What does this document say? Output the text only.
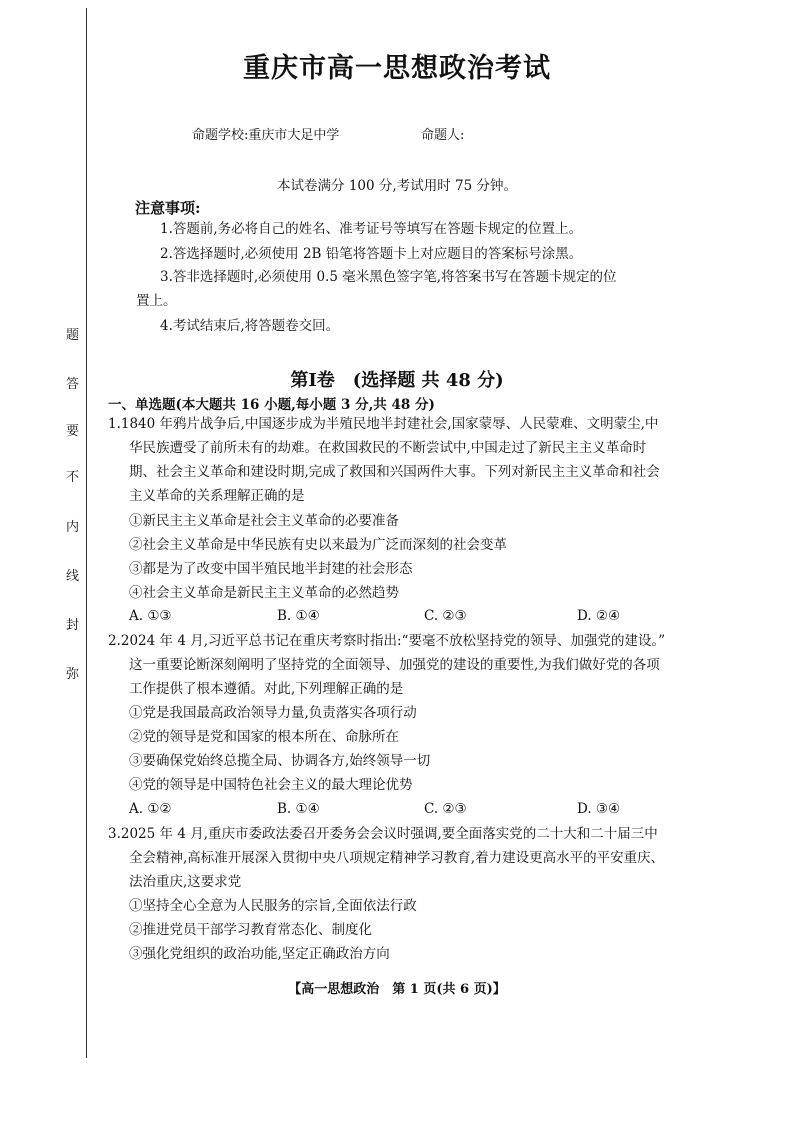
弥
封
线
内
不
要
答
题
重庆市高一思想政治考试
命题学校:重庆市大足中学	命题人:
本试卷满分 100 分,考试用时 75 分钟。
注意事项:
1.答题前,务必将自己的姓名、准考证号等填写在答题卡规定的位置上。
2.答选择题时,必须使用 2B 铅笔将答题卡上对应题目的答案标号涂黑。
3.答非选择题时,必须使用 0.5 毫米黑色签字笔,将答案书写在答题卡规定的位
置上。
4.考试结束后,将答题卷交回。
第Ⅰ卷　(选择题 共 48 分)
一、单选题(本大题共 16 小题,每小题 3 分,共 48 分)
1.1840 年鸦片战争后,中国逐步成为半殖民地半封建社会,国家蒙辱、人民蒙难、文明蒙尘,中
华民族遭受了前所未有的劫难。在救国救民的不断尝试中,中国走过了新民主主义革命时
期、社会主义革命和建设时期,完成了救国和兴国两件大事。下列对新民主主义革命和社会
主义革命的关系理解正确的是
①新民主主义革命是社会主义革命的必要准备
②社会主义革命是中华民族有史以来最为广泛而深刻的社会变革
③都是为了改变中国半殖民地半封建的社会形态
④社会主义革命是新民主主义革命的必然趋势
A. ①③	B. ①④	C. ②③	D. ②④
2.2024 年 4 月,习近平总书记在重庆考察时指出:“要毫不放松坚持党的领导、加强党的建设。”
这一重要论断深刻阐明了坚持党的全面领导、加强党的建设的重要性,为我们做好党的各项
工作提供了根本遵循。对此,下列理解正确的是
①党是我国最高政治领导力量,负责落实各项行动
②党的领导是党和国家的根本所在、命脉所在
③要确保党始终总揽全局、协调各方,始终领导一切
④党的领导是中国特色社会主义的最大理论优势
A. ①②	B. ①④	C. ②③	D. ③④
3.2025 年 4 月,重庆市委政法委召开委务会会议时强调,要全面落实党的二十大和二十届三中
全会精神,高标准开展深入贯彻中央八项规定精神学习教育,着力建设更高水平的平安重庆、
法治重庆,这要求党
①坚持全心全意为人民服务的宗旨,全面依法行政
②推进党员干部学习教育常态化、制度化
③强化党组织的政治功能,坚定正确政治方向
【高一思想政治　第 1 页(共 6 页)】
